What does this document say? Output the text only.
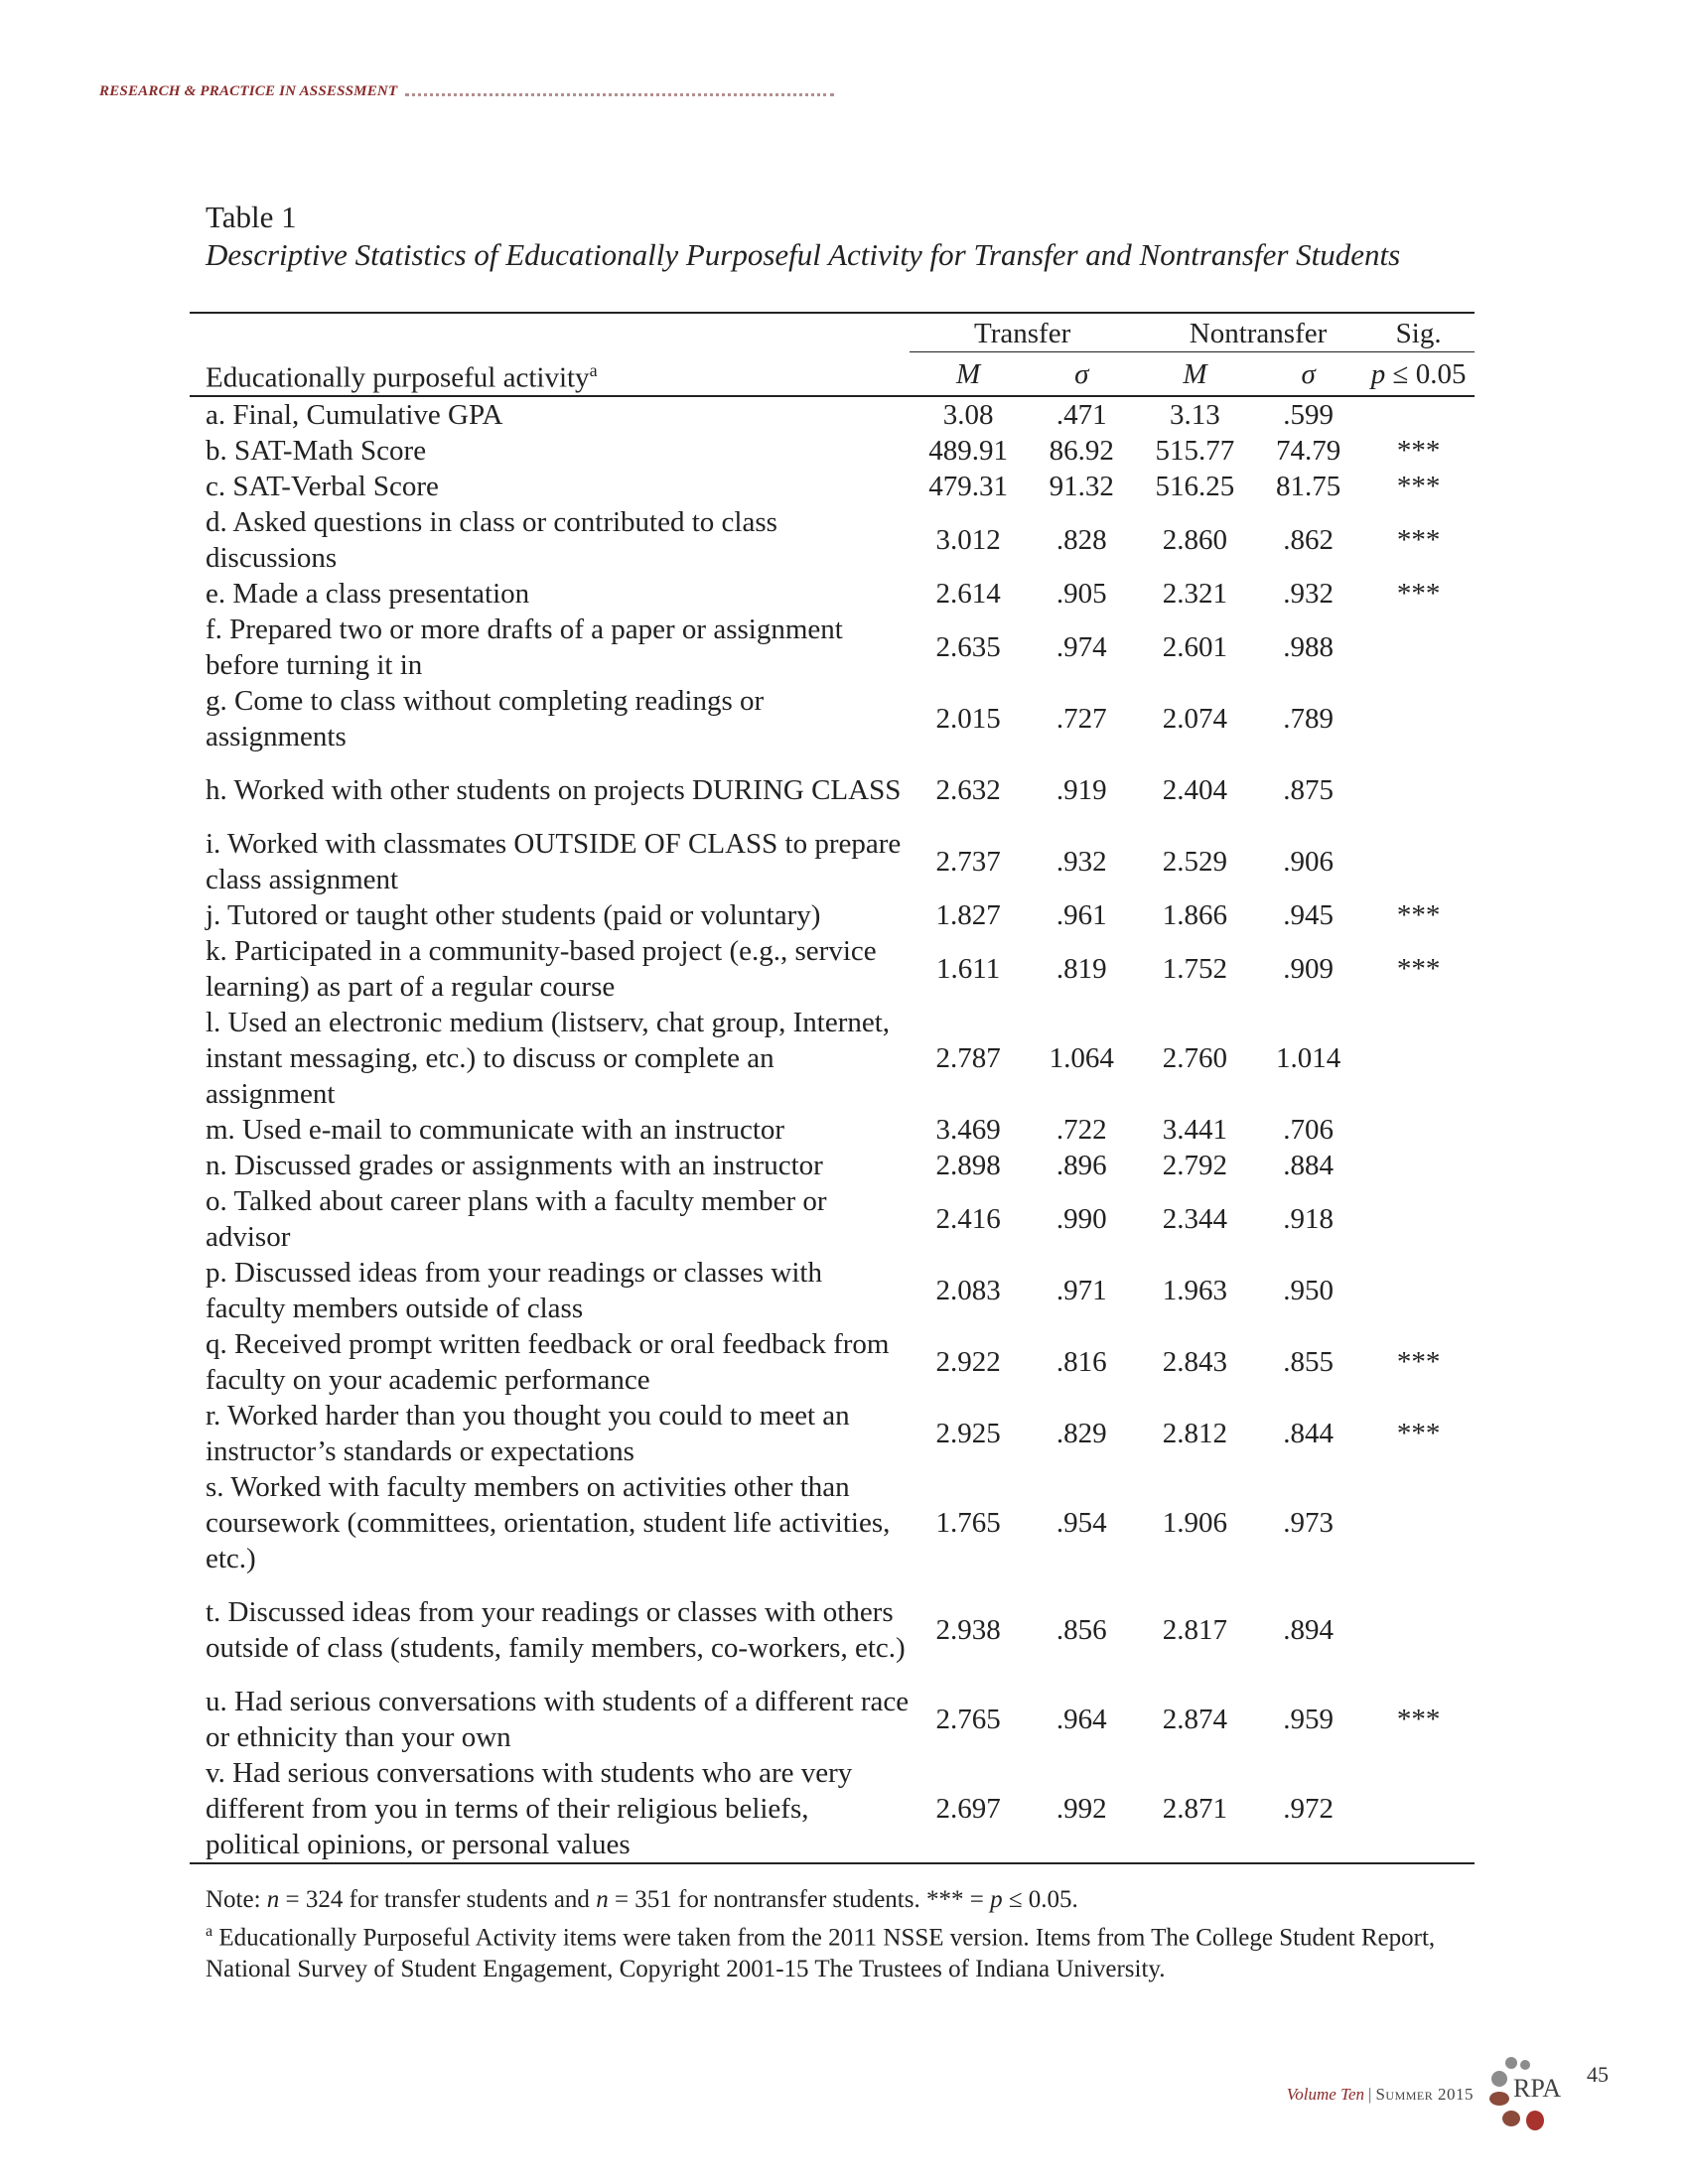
RESEARCH & PRACTICE IN ASSESSMENT
Table 1
Descriptive Statistics of Educationally Purposeful Activity for Transfer and Nontransfer Students
	Transfer		Nontransfer		Sig.
Educationally purposeful activity$^a$	M	σ	M	σ	p ≤ 0.05
a. Final, Cumulative GPA	3.08	.471	3.13	.599	
b. SAT-Math Score	489.91	86.92	515.77	74.79	***
c. SAT-Verbal Score	479.31	91.32	516.25	81.75	***
d. Asked questions in class or contributed to class discussions	3.012	.828	2.860	.862	***
e. Made a class presentation	2.614	.905	2.321	.932	***
f. Prepared two or more drafts of a paper or assignment before turning it in	2.635	.974	2.601	.988	
g. Come to class without completing readings or assignments	2.015	.727	2.074	.789	
h. Worked with other students on projects DURING CLASS	2.632	.919	2.404	.875	
i. Worked with classmates OUTSIDE OF CLASS to prepare class assignment	2.737	.932	2.529	.906	
j. Tutored or taught other students (paid or voluntary)	1.827	.961	1.866	.945	***
k. Participated in a community-based project (e.g., service learning) as part of a regular course	1.611	.819	1.752	.909	***
l. Used an electronic medium (listserv, chat group, Internet, instant messaging, etc.) to discuss or complete an assignment	2.787	1.064	2.760	1.014	
m. Used e-mail to communicate with an instructor	3.469	.722	3.441	.706	
n. Discussed grades or assignments with an instructor	2.898	.896	2.792	.884	
o. Talked about career plans with a faculty member or advisor	2.416	.990	2.344	.918	
p. Discussed ideas from your readings or classes with faculty members outside of class	2.083	.971	1.963	.950	
q. Received prompt written feedback or oral feedback from faculty on your academic performance	2.922	.816	2.843	.855	***
r. Worked harder than you thought you could to meet an instructor’s standards or expectations	2.925	.829	2.812	.844	***
s. Worked with faculty members on activities other than coursework (committees, orientation, student life activities, etc.)	1.765	.954	1.906	.973	
t. Discussed ideas from your readings or classes with others outside of class (students, family members, co-workers, etc.)	2.938	.856	2.817	.894	
u. Had serious conversations with students of a different race or ethnicity than your own	2.765	.964	2.874	.959	***
v. Had serious conversations with students who are very different from you in terms of their religious beliefs, political opinions, or personal values	2.697	.992	2.871	.972	
Note: n = 324 for transfer students and n = 351 for nontransfer students. *** = p ≤ 0.05.
$^a$ Educationally Purposeful Activity items were taken from the 2011 NSSE version. Items from The College Student Report, National Survey of Student Engagement, Copyright 2001-15 The Trustees of Indiana University.
Volume Ten | Summer 2015 RPA 45
